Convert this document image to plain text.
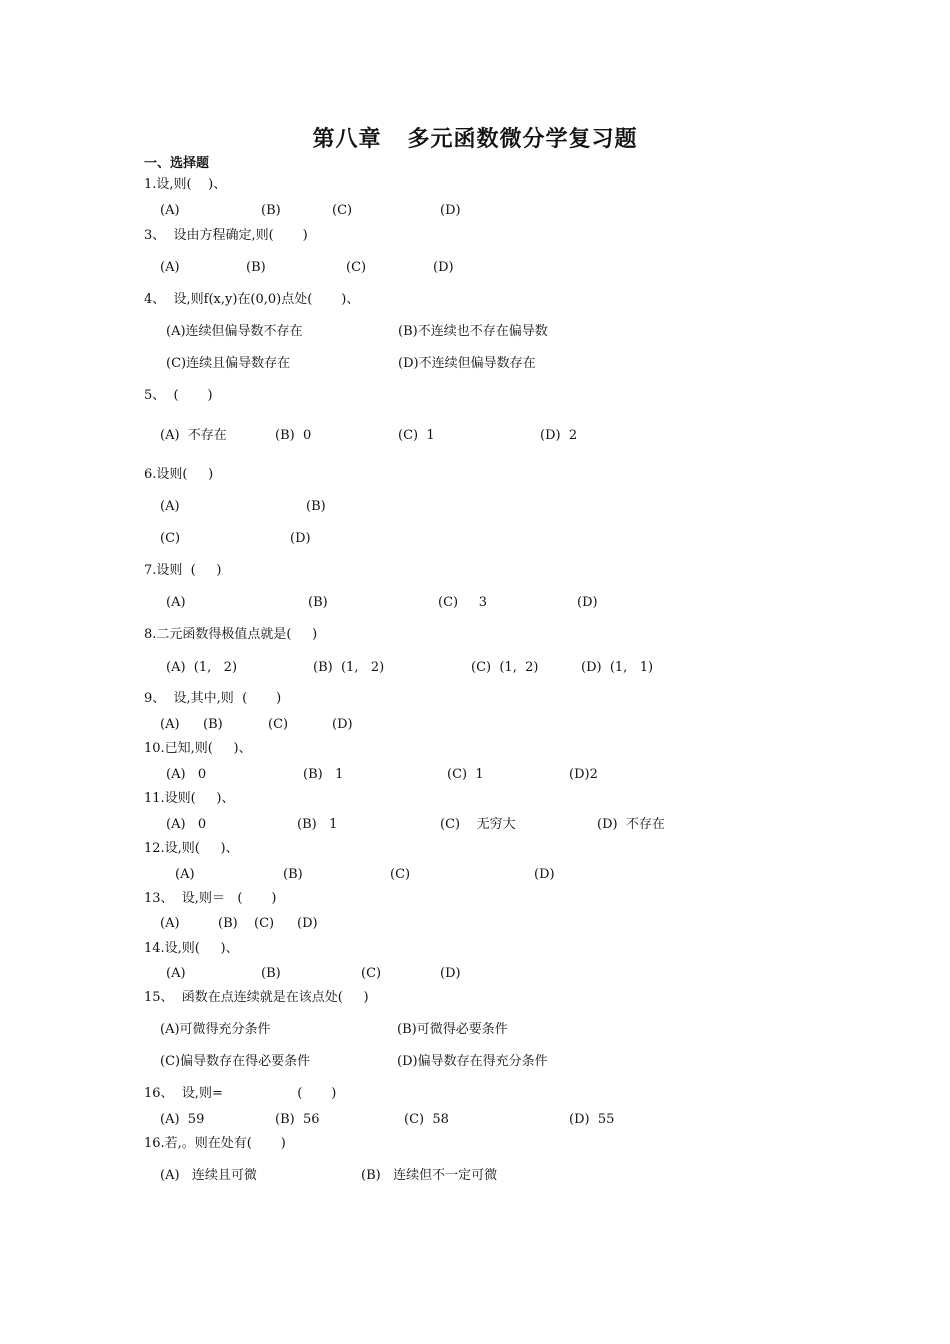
第八章   多元函数微分学复习题
一、选择题
1.设,则(    )、
(A)	(B)	(C)	(D)
3、  设由方程确定,则(       )
(A)	(B)	(C)	(D)
4、  设,则f(x,y)在(0,0)点处(       )、
(A)连续但偏导数不存在	(B)不连续也不存在偏导数
(C)连续且偏导数存在	(D)不连续但偏导数存在
5、  (       )
(A)  不存在	(B)  0	(C)  1	(D)  2
6.设则(     )
(A)	(B)
(C)	(D)
7.设则  (     )
(A)	(B)	(C)     3	(D)
8.二元函数得极值点就是(     )
(A)  (1,   2)	(B)  (1,   2)	(C)  (1,  2)	(D)  (1,   1)
9、  设,其中,则  (       )
(A) (B)	(C)	(D)
10.已知,则(     )、
(A)   0	(B)   1	(C)  1	(D)2
11.设则(     )、
(A)   0	(B)   1	(C)    无穷大	(D)  不存在
12.设,则(     )、
(A)	(B)	(C)	(D)
13、  设,则＝   (       )
(A)	(B) (C) (D)
14.设,则(     )、
(A)	(B)	(C)	(D)
15、  函数在点连续就是在该点处(     )
(A)可微得充分条件	(B)可微得必要条件
(C)偏导数存在得必要条件	(D)偏导数存在得充分条件
16、  设,则=                  (       )
(A)  59	(B)  56	(C)  58	(D)  55
16.若,。则在处有(       )
(A)   连续且可微	(B)   连续但不一定可微
